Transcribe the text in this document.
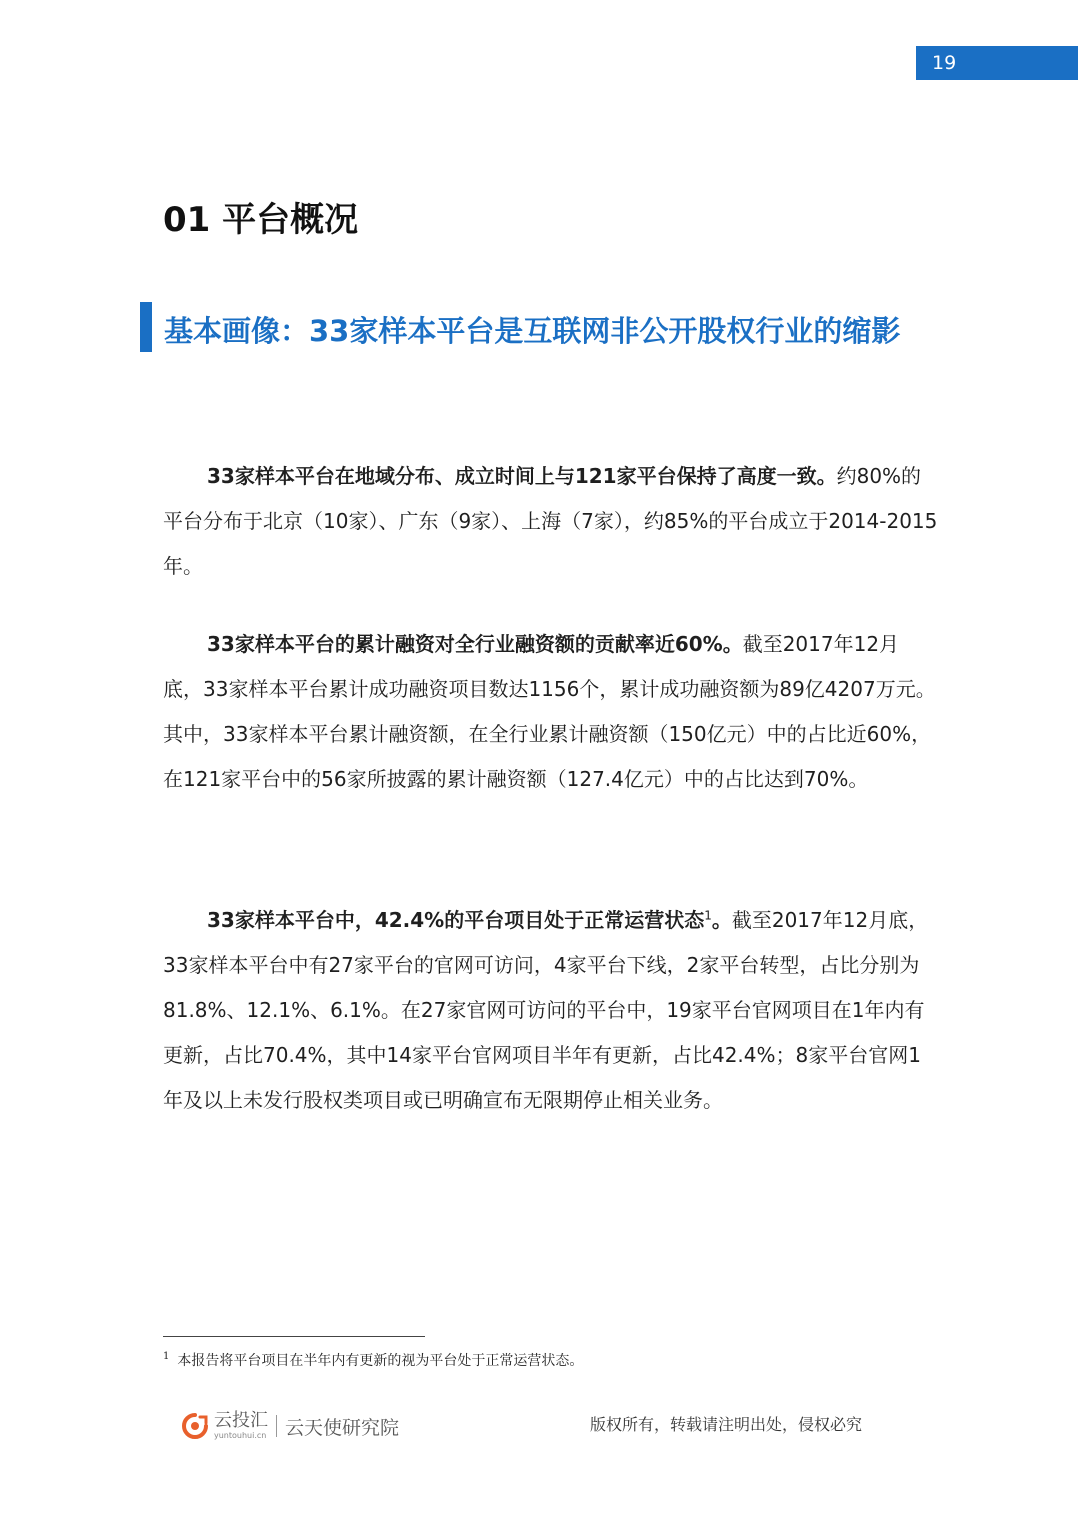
19
01 平台概况
基本画像：33家样本平台是互联网非公开股权行业的缩影

33家样本平台在地域分布、成立时间上与121家平台保持了高度一致。约80%的平台分布于北京（10家）、广东（9家）、上海（7家），约85%的平台成立于2014-2015年。

33家样本平台的累计融资对全行业融资额的贡献率近60%。截至2017年12月底，33家样本平台累计成功融资项目数达1156个，累计成功融资额为89亿4207万元。其中，33家样本平台累计融资额，在全行业累计融资额（150亿元）中的占比近60%，在121家平台中的56家所披露的累计融资额（127.4亿元）中的占比达到70%。

33家样本平台中，42.4%的平台项目处于正常运营状态$^1$。截至2017年12月底，33家样本平台中有27家平台的官网可访问，4家平台下线，2家平台转型，占比分别为81.8%、12.1%、6.1%。在27家官网可访问的平台中，19家平台官网项目在1年内有更新，占比70.4%，其中14家平台官网项目半年有更新，占比42.4%；8家平台官网1年及以上未发行股权类项目或已明确宣布无限期停止相关业务。

$^1$ 本报告将平台项目在半年内有更新的视为平台处于正常运营状态。
云投汇
yuntouhui.cn 云天使研究院	版权所有，转载请注明出处，侵权必究
